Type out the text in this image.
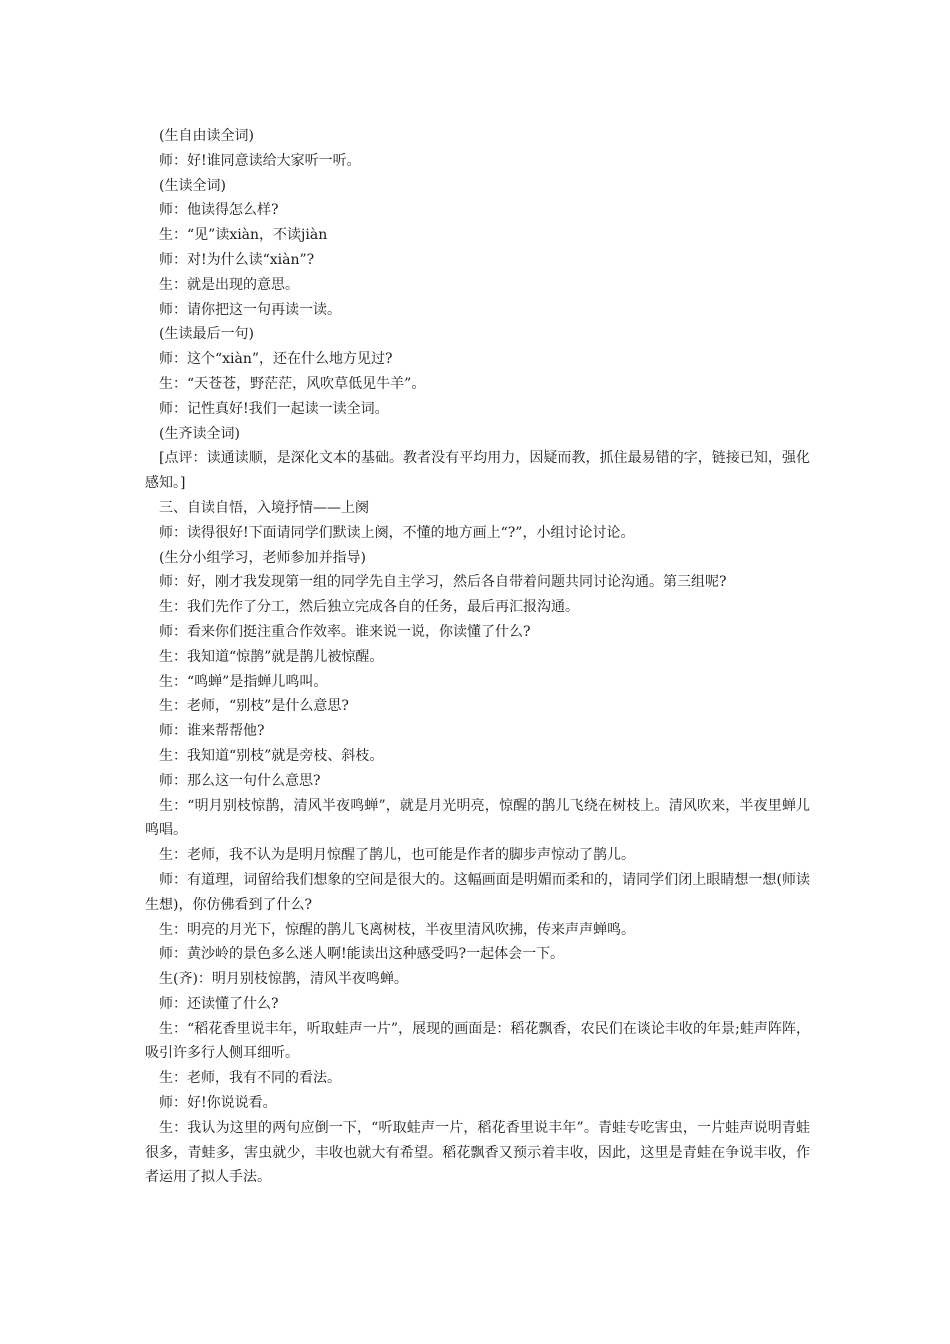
(生自由读全词)

师：好!谁同意读给大家听一听。

(生读全词)

师：他读得怎么样?

生：“见”读xiàn，不读jiàn

师：对!为什么读“xiàn”?

生：就是出现的意思。

师：请你把这一句再读一读。

(生读最后一句)

师：这个“xiàn”，还在什么地方见过?

生：“天苍苍，野茫茫，风吹草低见牛羊”。

师：记性真好!我们一起读一读全词。

(生齐读全词)

[点评：读通读顺，是深化文本的基础。教者没有平均用力，因疑而教，抓住最易错的字，链接已知，强化感知。]

三、自读自悟，入境抒情——上阕

师：读得很好!下面请同学们默读上阕，不懂的地方画上“?”，小组讨论讨论。

(生分小组学习，老师参加并指导)

师：好，刚才我发现第一组的同学先自主学习，然后各自带着问题共同讨论沟通。第三组呢?

生：我们先作了分工，然后独立完成各自的任务，最后再汇报沟通。

师：看来你们挺注重合作效率。谁来说一说，你读懂了什么?

生：我知道“惊鹊”就是鹊儿被惊醒。

生：“鸣蝉”是指蝉儿鸣叫。

生：老师，“别枝”是什么意思?

师：谁来帮帮他?

生：我知道“别枝”就是旁枝、斜枝。

师：那么这一句什么意思?

生：“明月别枝惊鹊，清风半夜鸣蝉”，就是月光明亮，惊醒的鹊儿飞绕在树枝上。清风吹来，半夜里蝉儿鸣唱。

生：老师，我不认为是明月惊醒了鹊儿，也可能是作者的脚步声惊动了鹊儿。

师：有道理，词留给我们想象的空间是很大的。这幅画面是明媚而柔和的，请同学们闭上眼睛想一想(师读生想)，你仿佛看到了什么?

生：明亮的月光下，惊醒的鹊儿飞离树枝，半夜里清风吹拂，传来声声蝉鸣。

师：黄沙岭的景色多么迷人啊!能读出这种感受吗?一起体会一下。

生(齐)：明月别枝惊鹊，清风半夜鸣蝉。

师：还读懂了什么?

生：“稻花香里说丰年，听取蛙声一片”，展现的画面是：稻花飘香，农民们在谈论丰收的年景;蛙声阵阵，吸引许多行人侧耳细听。

生：老师，我有不同的看法。

师：好!你说说看。

生：我认为这里的两句应倒一下，“听取蛙声一片，稻花香里说丰年”。青蛙专吃害虫，一片蛙声说明青蛙很多，青蛙多，害虫就少，丰收也就大有希望。稻花飘香又预示着丰收，因此，这里是青蛙在争说丰收，作者运用了拟人手法。
